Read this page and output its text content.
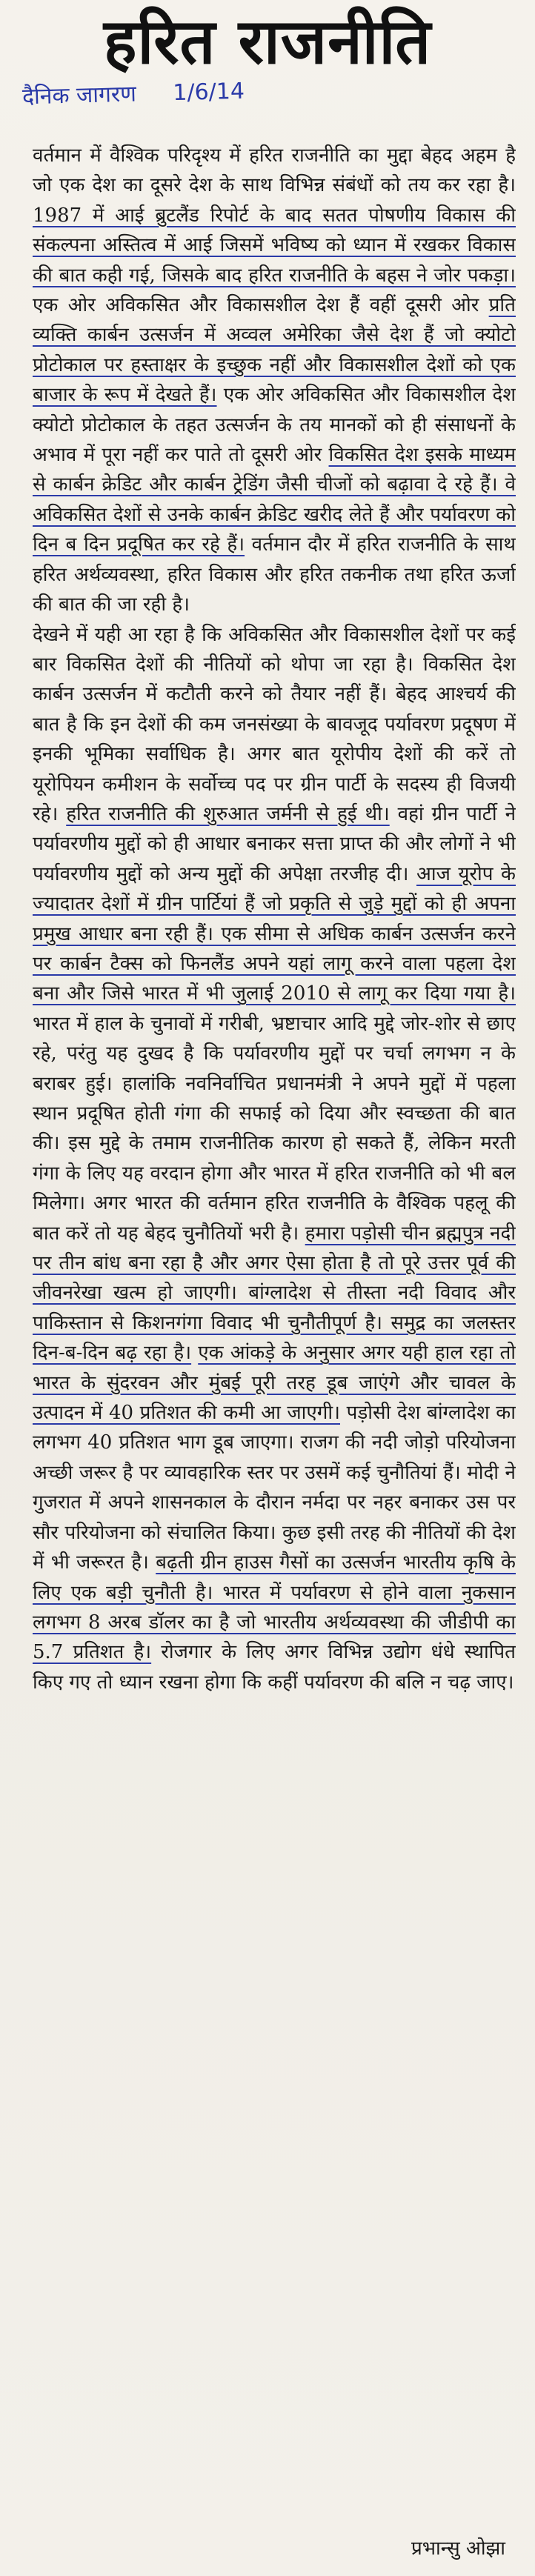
हरित राजनीति
दैनिक जागरण 1/6/14

वर्तमान में वैश्विक परिदृश्य में हरित राजनीति का मुद्दा बेहद अहम है जो एक देश का दूसरे देश के साथ विभिन्न संबंधों को तय कर रहा है। 1987 में आई ब्रुटलैंड रिपोर्ट के बाद सतत पोषणीय विकास की संकल्पना अस्तित्व में आई जिसमें भविष्य को ध्यान में रखकर विकास की बात कही गई, जिसके बाद हरित राजनीति के बहस ने जोर पकड़ा। एक ओर अविकसित और विकासशील देश हैं वहीं दूसरी ओर प्रति व्यक्ति कार्बन उत्सर्जन में अव्वल अमेरिका जैसे देश हैं जो क्योटो प्रोटोकाल पर हस्ताक्षर के इच्छुक नहीं और विकासशील देशों को एक बाजार के रूप में देखते हैं। एक ओर अविकसित और विकासशील देश क्योटो प्रोटोकाल के तहत उत्सर्जन के तय मानकों को ही संसाधनों के अभाव में पूरा नहीं कर पाते तो दूसरी ओर विकसित देश इसके माध्यम से कार्बन क्रेडिट और कार्बन ट्रेडिंग जैसी चीजों को बढ़ावा दे रहे हैं। वे अविकसित देशों से उनके कार्बन क्रेडिट खरीद लेते हैं और पर्यावरण को दिन ब दिन प्रदूषित कर रहे हैं। वर्तमान दौर में हरित राजनीति के साथ हरित अर्थव्यवस्था, हरित विकास और हरित तकनीक तथा हरित ऊर्जा की बात की जा रही है।

देखने में यही आ रहा है कि अविकसित और विकासशील देशों पर कई बार विकसित देशों की नीतियों को थोपा जा रहा है। विकसित देश कार्बन उत्सर्जन में कटौती करने को तैयार नहीं हैं। बेहद आश्चर्य की बात है कि इन देशों की कम जनसंख्या के बावजूद पर्यावरण प्रदूषण में इनकी भूमिका सर्वाधिक है। अगर बात यूरोपीय देशों की करें तो यूरोपियन कमीशन के सर्वोच्च पद पर ग्रीन पार्टी के सदस्य ही विजयी रहे। हरित राजनीति की शुरुआत जर्मनी से हुई थी। वहां ग्रीन पार्टी ने पर्यावरणीय मुद्दों को ही आधार बनाकर सत्ता प्राप्त की और लोगों ने भी पर्यावरणीय मुद्दों को अन्य मुद्दों की अपेक्षा तरजीह दी। आज यूरोप के ज्यादातर देशों में ग्रीन पार्टियां हैं जो प्रकृति से जुड़े मुद्दों को ही अपना प्रमुख आधार बना रही हैं। एक सीमा से अधिक कार्बन उत्सर्जन करने पर कार्बन टैक्स को फिनलैंड अपने यहां लागू करने वाला पहला देश बना और जिसे भारत में भी जुलाई 2010 से लागू कर दिया गया है। भारत में हाल के चुनावों में गरीबी, भ्रष्टाचार आदि मुद्दे जोर-शोर से छाए रहे, परंतु यह दुखद है कि पर्यावरणीय मुद्दों पर चर्चा लगभग न के बराबर हुई। हालांकि नवनिर्वाचित प्रधानमंत्री ने अपने मुद्दों में पहला स्थान प्रदूषित होती गंगा की सफाई को दिया और स्वच्छता की बात की। इस मुद्दे के तमाम राजनीतिक कारण हो सकते हैं, लेकिन मरती गंगा के लिए यह वरदान होगा और भारत में हरित राजनीति को भी बल मिलेगा। अगर भारत की वर्तमान हरित राजनीति के वैश्विक पहलू की बात करें तो यह बेहद चुनौतियों भरी है। हमारा पड़ोसी चीन ब्रह्मपुत्र नदी पर तीन बांध बना रहा है और अगर ऐसा होता है तो पूरे उत्तर पूर्व की जीवनरेखा खत्म हो जाएगी। बांग्लादेश से तीस्ता नदी विवाद और पाकिस्तान से किशनगंगा विवाद भी चुनौतीपूर्ण है। समुद्र का जलस्तर दिन-ब-दिन बढ़ रहा है। एक आंकड़े के अनुसार अगर यही हाल रहा तो भारत के सुंदरवन और मुंबई पूरी तरह डूब जाएंगे और चावल के उत्पादन में 40 प्रतिशत की कमी आ जाएगी। पड़ोसी देश बांग्लादेश का लगभग 40 प्रतिशत भाग डूब जाएगा। राजग की नदी जोड़ो परियोजना अच्छी जरूर है पर व्यावहारिक स्तर पर उसमें कई चुनौतियां हैं। मोदी ने गुजरात में अपने शासनकाल के दौरान नर्मदा पर नहर बनाकर उस पर सौर परियोजना को संचालित किया। कुछ इसी तरह की नीतियों की देश में भी जरूरत है। बढ़ती ग्रीन हाउस गैसों का उत्सर्जन भारतीय कृषि के लिए एक बड़ी चुनौती है। भारत में पर्यावरण से होने वाला नुकसान लगभग 8 अरब डॉलर का है जो भारतीय अर्थव्यवस्था की जीडीपी का 5.7 प्रतिशत है। रोजगार के लिए अगर विभिन्न उद्योग धंधे स्थापित किए गए तो ध्यान रखना होगा कि कहीं पर्यावरण की बलि न चढ़ जाए।

प्रभान्सु ओझा
